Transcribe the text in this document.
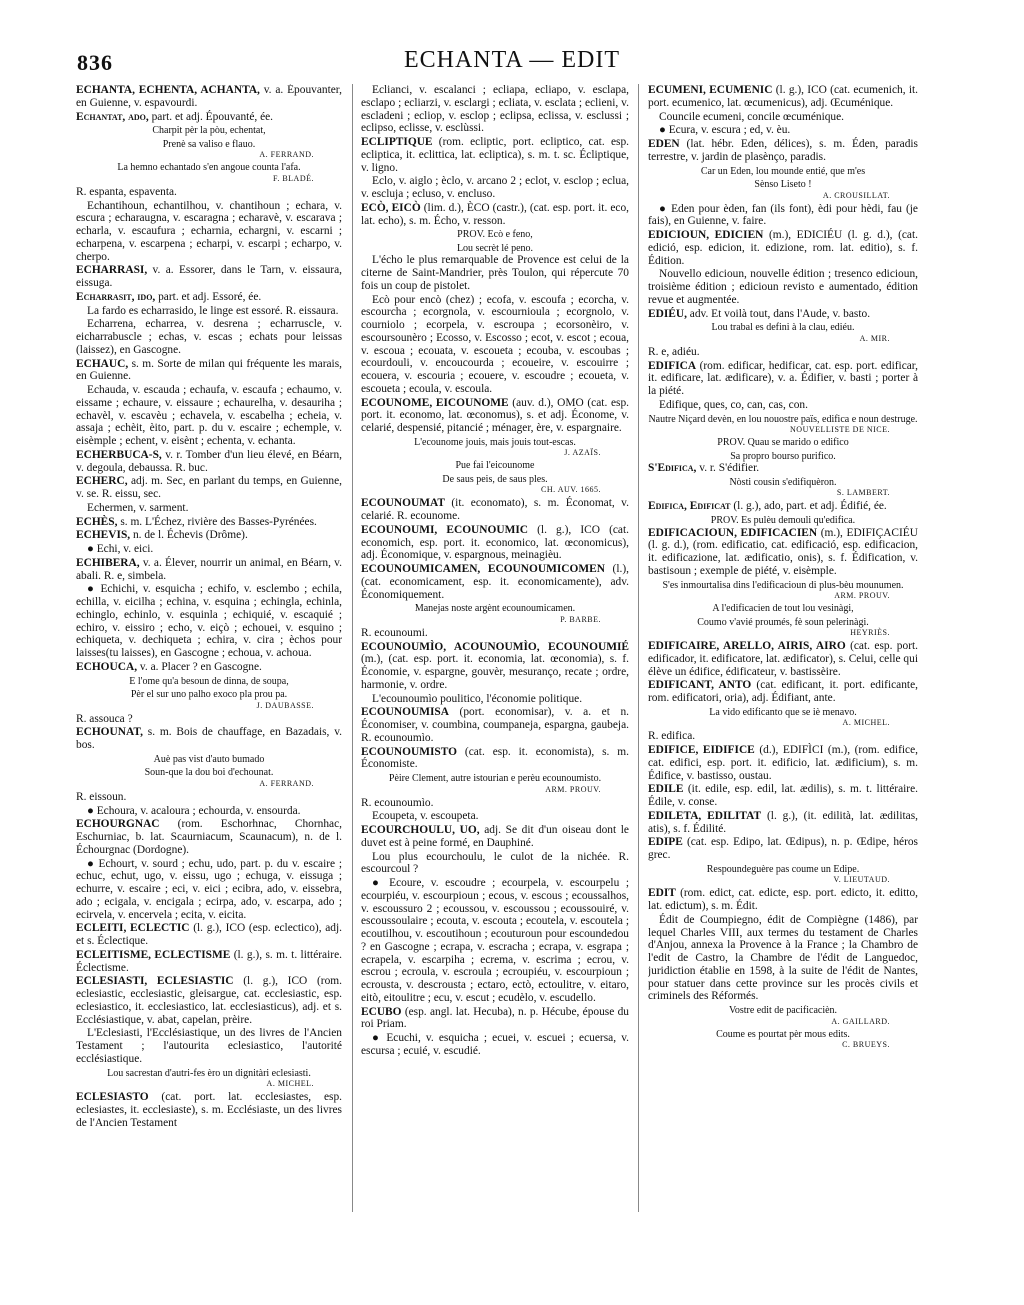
836	ECHANTA — EDIT
ECHANTA, ECHENTA, ACHANTA, v. a. Épouvanter, en Guienne, v. espavourdi.
Echantat, ado, part. et adj. Épouvanté, ée.
Charpit pèr la pòu, echentat,
Prenè sa valiso e flauo.
A. FERRAND.
La hemno echantado s'en angoue counta l'afa.
F. BLADÉ.
R. espanta, espaventa.
Echantihoun, echantilhou, v. chantihoun ; echara, v. escura ; echaraugna, v. escaragna ; echaravè, v. escarava ; echarla, v. escaufura ; echarnia, echargni, v. escarni ; echarpena, v. escarpena ; echarpi, v. escarpi ; echarpo, v. cherpo.
ECHARRASI, v. a. Essorer, dans le Tarn, v. eissaura, eissuga.
Echarrasit, ido, part. et adj. Essoré, ée.
La fardo es echarrasido, le linge est essoré. R. eissaura.
Echarrena, echarrea, v. desrena ; echarruscle, v. eicharrabuscle ; echas, v. escas ; echats pour leissas (laissez), en Gascogne.
ECHAUC, s. m. Sorte de milan qui fréquente les marais, en Guienne.
Echauda, v. escauda ; echaufa, v. escaufa ; echaumo, v. eissame ; echaure, v. eissaure ; echaurelha, v. desauriha ; echavèl, v. escavèu ; echavela, v. escabelha ; echeia, v. assaja ; echèit, èito, part. p. du v. escaire ; echemple, v. eisèmple ; echent, v. eisènt ; echenta, v. echanta.
ECHERBUCA-S, v. r. Tomber d'un lieu élevé, en Béarn, v. degoula, debaussa. R. buc.
ECHERC, adj. m. Sec, en parlant du temps, en Guienne, v. se. R. eissu, sec.
Echermen, v. sarment.
ECHÈS, s. m. L'Échez, rivière des Basses-Pyrénées.
ECHEVIS, n. de l. Échevis (Drôme).
● Echi, v. eici.
ECHIBERA, v. a. Élever, nourrir un animal, en Béarn, v. abali. R. e, simbela.
● Echichi, v. esquicha ; echifo, v. esclembo ; echila, echilla, v. eicilha ; echina, v. esquina ; echingla, echinla, echinglo, echinlo, v. esquinla ; echiquié, v. escaquié ; echiro, v. eissiro ; echo, v. eiçò ; echouei, v. esquino ; echiqueta, v. dechiqueta ; echira, v. cira ; èchos pour laisses(tu laisses), en Gascogne ; echoua, v. achoua.
ECHOUCA, v. a. Placer ? en Gascogne.
E l'ome qu'a besoun de dinna, de soupa,
Pèr el sur uno palho exoco pla prou pa.
J. DAUBASSE.
R. assouca ?
ECHOUNAT, s. m. Bois de chauffage, en Bazadais, v. bos.
Auè pas vist d'auto bumado
Soun-que la dou boi d'echounat.
A. FERRAND.
R. eissoun.
● Echoura, v. acaloura ; echourda, v. ensourda.
ECHOURGNAC (rom. Eschorhnac, Chornhac, Eschurniac, b. lat. Scaurniacum, Scaunacum), n. de l. Échourgnac (Dordogne).
● Echourt, v. sourd ; echu, udo, part. p. du v. escaire ; echuc, echut, ugo, v. eissu, ugo ; echuga, v. eissuga ; echurre, v. escaire ; eci, v. eici ; ecibra, ado, v. eissebra, ado ; ecigala, v. encigala ; ecirpa, ado, v. escarpa, ado ; ecirvela, v. encervela ; ecita, v. eicita.
ECLEITI, ECLECTIC (l. g.), ICO (esp. eclectico), adj. et s. Éclectique.
ECLEITISME, ECLECTISME (l. g.), s. m. t. littéraire. Éclectisme.
ECLESIASTI, ECLESIASTIC (l. g.), ICO (rom. eclesiastic, ecclesiastic, gleisargue, cat. ecclesiastic, esp. eclesiastico, it. ecclesiastico, lat. ecclesiasticus), adj. et s. Ecclésiastique, v. abat, capelan, prèire.
L'Eclesiasti, l'Ecclésiastique, un des livres de l'Ancien Testament ; l'autourita eclesiastico, l'autorité ecclésiastique.
Lou sacrestan d'autri-fes èro un dignitàri eclesiasti.
A. MICHEL.
ECLESIASTO (cat. port. lat. ecclesiastes, esp. eclesiastes, it. ecclesiaste), s. m. Ecclésiaste, un des livres de l'Ancien Testament
Eclianci, v. escalanci ; ecliapa, ecliapo, v. esclapa, esclapo ; ecliarzi, v. esclargi ; ecliata, v. esclata ; eclieni, v. escladeni ; ecliop, v. esclop ; eclipsa, eclissa, v. esclussi ; eclipso, eclisse, v. esclùssi.
ECLIPTIQUE (rom. ecliptic, port. ecliptico, cat. esp. ecliptica, it. eclittica, lat. ecliptica), s. m. t. sc. Écliptique, v. ligno.
Eclo, v. aiglo ; èclo, v. arcano 2 ; eclot, v. esclop ; eclua, v. escluja ; ecluso, v. encluso.
ECÒ, EICÒ (lim. d.), ÈCO (castr.), (cat. esp. port. it. eco, lat. echo), s. m. Écho, v. resson.
PROV. Ecò e feno,
Lou secrèt lé peno.
L'écho le plus remarquable de Provence est celui de la citerne de Saint-Mandrier, près Toulon, qui répercute 70 fois un coup de pistolet.
Ecò pour encò (chez) ; ecofa, v. escoufa ; ecorcha, v. escourcha ; ecorgnola, v. escournioula ; ecorgnolo, v. courniolo ; ecorpela, v. escroupa ; ecorsonèiro, v. escoursounèro ; Ecosso, v. Escosso ; ecot, v. escot ; ecoua, v. escoua ; ecouata, v. escoueta ; ecouba, v. escoubas ; ecourdouli, v. encoucourda ; ecoueire, v. escouirre ; ecouera, v. escouria ; ecouere, v. escoudre ; ecoueta, v. escoueta ; ecoula, v. escoula.
ECOUNOME, EICOUNOME (auv. d.), OMO (cat. esp. port. it. economo, lat. œconomus), s. et adj. Économe, v. celarié, despensié, pitancié ; ménager, ère, v. espargnaire.
L'ecounome jouis, mais jouis tout-escas.
J. AZAÏS.
Pue fai l'eicounome
De saus peis, de saus ples.
CH. AUV. 1665.
ECOUNOUMAT (it. economato), s. m. Économat, v. celarié. R. ecounome.
ECOUNOUMI, ECOUNOUMIC (l. g.), ICO (cat. economich, esp. port. it. economico, lat. œconomicus), adj. Économique, v. espargnous, meinagièu.
ECOUNOUMICAMEN, ECOUNOUMICOMEN (l.), (cat. economicament, esp. it. economicamente), adv. Économiquement.
Manejas noste argènt ecounoumicamen.
P. BARBE.
R. ecounoumi.
ECOUNOUMÌO, ACOUNOUMÌO, ECOUNOUMIÉ (m.), (cat. esp. port. it. economia, lat. œconomia), s. f. Économie, v. espargne, gouvèr, mesuranço, recate ; ordre, harmonie, v. ordre.
L'ecounoumìo poulitico, l'économie politique.
ECOUNOUMISA (port. economisar), v. a. et n. Économiser, v. coumbina, coumpaneja, espargna, gaubeja. R. ecounoumìo.
ECOUNOUMISTO (cat. esp. it. economista), s. m. Économiste.
Pèire Clement, autre istourian e perèu ecounoumisto.
ARM. PROUV.
R. ecounoumìo.
Ecoupeta, v. escoupeta.
ECOURCHOULU, UO, adj. Se dit d'un oiseau dont le duvet est à peine formé, en Dauphiné.
Lou plus ecourchoulu, le culot de la nichée. R. escourcoul ?
● Ecoure, v. escoudre ; ecourpela, v. escourpelu ; ecourpiéu, v. escourpioun ; ecous, v. escous ; ecoussalhos, v. escoussuro 2 ; ecoussou, v. escoussou ; ecoussouiré, v. escoussoulaire ; ecouta, v. escouta ; ecoutela, v. escoutela ; ecoutilhou, v. escoutihoun ; ecouturoun pour escoundedou ? en Gascogne ; ecrapa, v. escracha ; ecrapa, v. esgrapa ; ecrapela, v. escarpiha ; ecrema, v. escrima ; ecrou, v. escrou ; ecroula, v. escroula ; ecroupiéu, v. escourpioun ; ecrousta, v. descrousta ; ectaro, ectò, ectoulitre, v. eitaro, eitò, eitoulitre ; ecu, v. escut ; ecudèlo, v. escudello.
ECUBO (esp. angl. lat. Hecuba), n. p. Hécube, épouse du roi Priam.
● Ecuchi, v. esquicha ; ecuei, v. escuei ; ecuersa, v. escursa ; ecuié, v. escudié.
ECUMENI, ECUMENIC (l. g.), ICO (cat. ecumenich, it. port. ecumenico, lat. œcumenicus), adj. Œcuménique.
Councile ecumeni, concile œcuménique.
● Ecura, v. escura ; ed, v. èu.
EDEN (lat. hébr. Eden, délices), s. m. Éden, paradis terrestre, v. jardin de plasènço, paradis.
Car un Eden, lou mounde entié, que m'es
Sènso Liseto !
A. CROUSILLAT.
● Eden pour èden, fan (ils font), èdi pour hèdi, fau (je fais), en Guienne, v. faire.
EDICIOUN, EDICIEN (m.), EDICIÉU (l. g. d.), (cat. edició, esp. edicion, it. edizione, rom. lat. editio), s. f. Édition.
Nouvello edicioun, nouvelle édition ; tresenco edicioun, troisième édition ; edicioun revisto e aumentado, édition revue et augmentée.
EDIÉU, adv. Et voilà tout, dans l'Aude, v. basto.
Lou trabal es defini à la clau, ediéu.
A. MIR.
R. e, adiéu.
EDIFICA (rom. edificar, hedificar, cat. esp. port. edificar, it. edificare, lat. ædificare), v. a. Édifier, v. basti ; porter à la piété.
Edifique, ques, co, can, cas, con.
Nautre Niçard devèn, en lou nouostre païs, edifica e noun destruge.
NOUVELLISTE DE NICE.
PROV. Quau se marido o edifico
Sa propro bourso purifico.
S'Edifica, v. r. S'édifier.
Nòsti cousin s'edifiquèron.
S. LAMBERT.
Edifica, Edificat (l. g.), ado, part. et adj. Édifié, ée.
PROV. Es pulèu demouli qu'edifica.
EDIFICACIOUN, EDIFICACIEN (m.), EDIFIÇACIÉU (l. g. d.), (rom. edificatio, cat. edificació, esp. edificacion, it. edificazione, lat. ædificatio, onis), s. f. Édification, v. bastisoun ; exemple de piété, v. eisèmple.
S'es inmourtalisa dins l'edificacioun di plus-bèu mounumen.
ARM. PROUV.
A l'edificacien de tout lou vesinàgi,
Coumo v'avié proumés, fè soun pelerinàgi.
HEYRIÈS.
EDIFICAIRE, ARELLO, AIRIS, AIRO (cat. esp. port. edificador, it. edificatore, lat. ædificator), s. Celui, celle qui élève un édifice, édificateur, v. bastissèire.
EDIFICANT, ANTO (cat. edificant, it. port. edificante, rom. edificatori, oria), adj. Édifiant, ante.
La vido edificanto que se iè menavo.
A. MICHEL.
R. edifica.
EDIFICE, EIDIFICE (d.), EDIFÌCI (m.), (rom. edifice, cat. edifici, esp. port. it. edificio, lat. ædificium), s. m. Édifice, v. bastisso, oustau.
EDILE (it. edile, esp. edil, lat. ædilis), s. m. t. littéraire. Édile, v. conse.
EDILETA, EDILITAT (l. g.), (it. edilità, lat. ædilitas, atis), s. f. Édilité.
EDIPE (cat. esp. Edipo, lat. Œdipus), n. p. Œdipe, héros grec.
Respoundeguère pas coume un Edipe.
V. LIEUTAUD.
EDIT (rom. edict, cat. edicte, esp. port. edicto, it. editto, lat. edictum), s. m. Édit.
Édit de Coumpiegno, édit de Compiègne (1486), par lequel Charles VIII, aux termes du testament de Charles d'Anjou, annexa la Provence à la France ; la Chambro de l'edit de Castro, la Chambre de l'édit de Languedoc, juridiction établie en 1598, à la suite de l'édit de Nantes, pour statuer dans cette province sur les procès civils et criminels des Réformés.
Vostre edit de pacificacièn.
A. GAILLARD.
Coume es pourtat pèr mous edits.
C. BRUEYS.
